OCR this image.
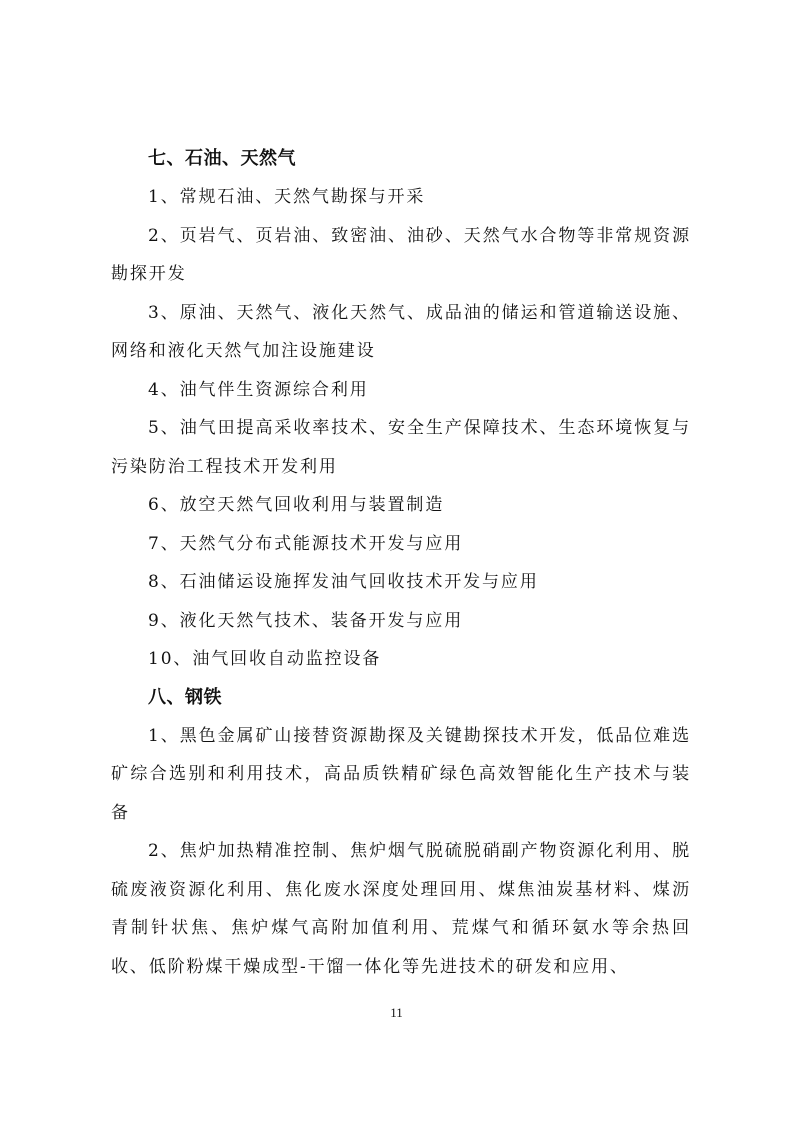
七、石油、天然气

1、常规石油、天然气勘探与开采

2、页岩气、页岩油、致密油、油砂、天然气水合物等非常规资源勘探开发

3、原油、天然气、液化天然气、成品油的储运和管道输送设施、网络和液化天然气加注设施建设

4、油气伴生资源综合利用

5、油气田提高采收率技术、安全生产保障技术、生态环境恢复与污染防治工程技术开发利用

6、放空天然气回收利用与装置制造

7、天然气分布式能源技术开发与应用

8、石油储运设施挥发油气回收技术开发与应用

9、液化天然气技术、装备开发与应用

10、油气回收自动监控设备

八、钢铁

1、黑色金属矿山接替资源勘探及关键勘探技术开发，低品位难选矿综合选别和利用技术，高品质铁精矿绿色高效智能化生产技术与装备

2、焦炉加热精准控制、焦炉烟气脱硫脱硝副产物资源化利用、脱硫废液资源化利用、焦化废水深度处理回用、煤焦油炭基材料、煤沥青制针状焦、焦炉煤气高附加值利用、荒煤气和循环氨水等余热回收、低阶粉煤干燥成型-干馏一体化等先进技术的研发和应用、

11
